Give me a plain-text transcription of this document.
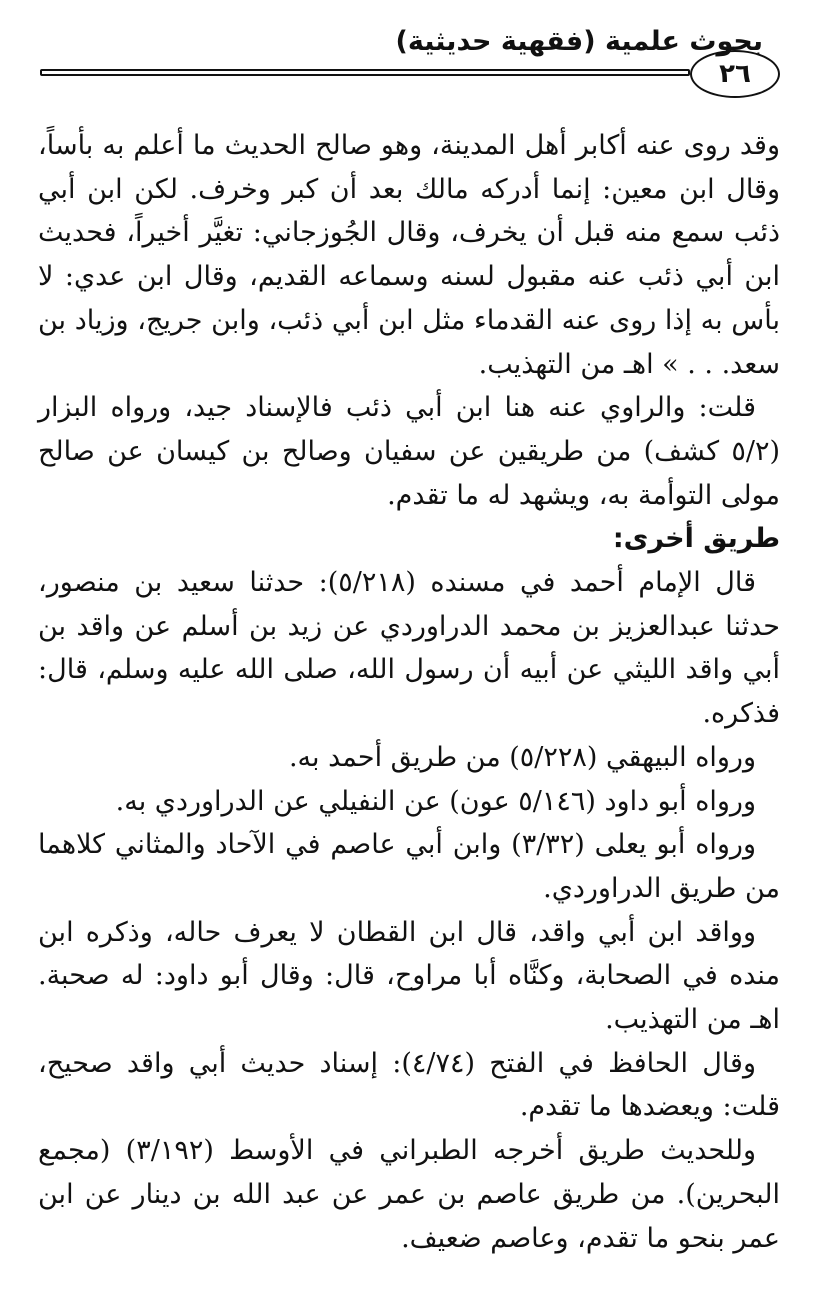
بحوث علمية (فقهية حديثية)
٢٦

وقد روى عنه أكابر أهل المدينة، وهو صالح الحديث ما أعلم به بأساً، وقال ابن معين: إنما أدركه مالك بعد أن كبر وخرف. لكن ابن أبي ذئب سمع منه قبل أن يخرف، وقال الجُوزجاني: تغيَّر أخيراً، فحديث ابن أبي ذئب عنه مقبول لسنه وسماعه القديم، وقال ابن عدي: لا بأس به إذا روى عنه القدماء مثل ابن أبي ذئب، وابن جريج، وزياد بن سعد. . . » اهـ من التهذيب.

قلت: والراوي عنه هنا ابن أبي ذئب فالإسناد جيد، ورواه البزار (٥/٢ كشف) من طريقين عن سفيان وصالح بن كيسان عن صالح مولى التوأمة به، ويشهد له ما تقدم.

طريق أخرى:

قال الإمام أحمد في مسنده (٥/٢١٨): حدثنا سعيد بن منصور، حدثنا عبدالعزيز بن محمد الدراوردي عن زيد بن أسلم عن واقد بن أبي واقد الليثي عن أبيه أن رسول الله، صلى الله عليه وسلم، قال: فذكره.

ورواه البيهقي (٥/٢٢٨) من طريق أحمد به.

ورواه أبو داود (٥/١٤٦ عون) عن النفيلي عن الدراوردي به.

ورواه أبو يعلى (٣/٣٢) وابن أبي عاصم في الآحاد والمثاني كلاهما من طريق الدراوردي.

وواقد ابن أبي واقد، قال ابن القطان لا يعرف حاله، وذكره ابن منده في الصحابة، وكنَّاه أبا مراوح، قال: وقال أبو داود: له صحبة. اهـ من التهذيب.

وقال الحافظ في الفتح (٤/٧٤): إسناد حديث أبي واقد صحيح، قلت: ويعضدها ما تقدم.

وللحديث طريق أخرجه الطبراني في الأوسط (٣/١٩٢) (مجمع البحرين). من طريق عاصم بن عمر عن عبد الله بن دينار عن ابن عمر بنحو ما تقدم، وعاصم ضعيف.
